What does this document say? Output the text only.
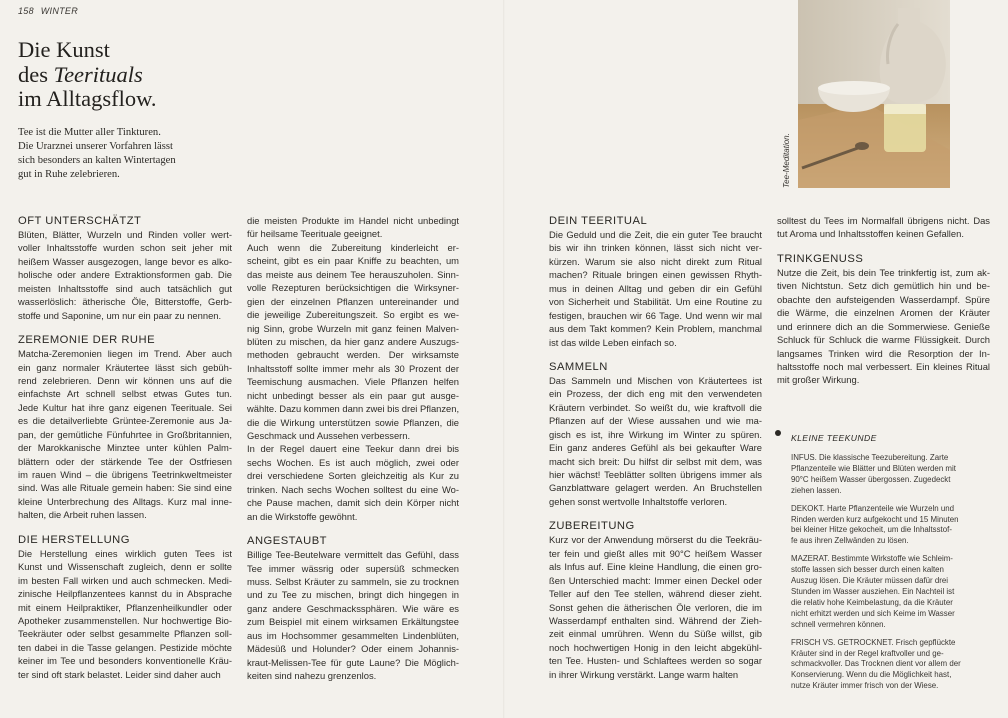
158 WINTER
Die Kunst
des Teerituals
im Alltagsflow.
Tee ist die Mutter aller Tinkturen.
Die Urarznei unserer Vorfahren lässt
sich besonders an kalten Wintertagen
gut in Ruhe zelebrieren.
OFT UNTERSCHÄTZT
Blüten, Blätter, Wurzeln und Rinden voller wert-
voller Inhaltsstoffe wurden schon seit jeher mit
heißem Wasser ausgezogen, lange bevor es alko-
holische oder andere Extraktionsformen gab. Die
meisten Inhaltsstoffe sind auch tatsächlich gut
wasserlöslich: ätherische Öle, Bitterstoffe, Gerb-
stoffe und Saponine, um nur ein paar zu nennen.
ZEREMONIE DER RUHE
Matcha-Zeremonien liegen im Trend. Aber auch
ein ganz normaler Kräutertee lässt sich gebüh-
rend zelebrieren. Denn wir können uns auf die
einfachste Art schnell selbst etwas Gutes tun.
Jede Kultur hat ihre ganz eigenen Teerituale. Sei
es die detailverliebte Grüntee-Zeremonie aus Ja-
pan, der gemütliche Fünfuhrtee in Großbritannien,
der Marokkanische Minztee unter kühlen Palm-
blättern oder der stärkende Tee der Ostfriesen
im rauen Wind – die übrigens Teetrinkweltmeister
sind. Was alle Rituale gemein haben: Sie sind eine
kleine Unterbrechung des Alltags. Kurz mal inne-
halten, die Arbeit ruhen lassen.
DIE HERSTELLUNG
Die Herstellung eines wirklich guten Tees ist
Kunst und Wissenschaft zugleich, denn er sollte
im besten Fall wirken und auch schmecken. Medi-
zinische Heilpflanzentees kannst du in Absprache
mit einem Heilpraktiker, Pflanzenheilkundler oder
Apotheker zusammenstellen. Nur hochwertige Bio-
Teekräuter oder selbst gesammelte Pflanzen soll-
ten dabei in die Tasse gelangen. Pestizide möchte
keiner im Tee und besonders konventionelle Kräu-
ter sind oft stark belastet. Leider sind daher auch
die meisten Produkte im Handel nicht unbedingt
für heilsame Teerituale geeignet.
Auch wenn die Zubereitung kinderleicht er-
scheint, gibt es ein paar Kniffe zu beachten, um
das meiste aus deinem Tee herauszuholen. Sinn-
volle Rezepturen berücksichtigen die Wirksyner-
gien der einzelnen Pflanzen untereinander und
die jeweilige Zubereitungszeit. So ergibt es we-
nig Sinn, grobe Wurzeln mit ganz feinen Malven-
blüten zu mischen, da hier ganz andere Auszugs-
methoden gebraucht werden. Der wirksamste
Inhaltsstoff sollte immer mehr als 30 Prozent der
Teemischung ausmachen. Viele Pflanzen helfen
nicht unbedingt besser als ein paar gut ausge-
wählte. Dazu kommen dann zwei bis drei Pflanzen,
die die Wirkung unterstützen sowie Pflanzen, die
Geschmack und Aussehen verbessern.
In der Regel dauert eine Teekur dann drei bis
sechs Wochen. Es ist auch möglich, zwei oder
drei verschiedene Sorten gleichzeitig als Kur zu
trinken. Nach sechs Wochen solltest du eine Wo-
che Pause machen, damit sich dein Körper nicht
an die Wirkstoffe gewöhnt.
ANGESTAUBT
Billige Tee-Beutelware vermittelt das Gefühl, dass
Tee immer wässrig oder supersüß schmecken
muss. Selbst Kräuter zu sammeln, sie zu trocknen
und zu Tee zu mischen, bringt dich hingegen in
ganz andere Geschmackssphären. Wie wäre es
zum Beispiel mit einem wirksamen Erkältungstee
aus im Hochsommer gesammelten Lindenblüten,
Mädesüß und Holunder? Oder einem Johannis-
kraut-Melissen-Tee für gute Laune? Die Möglich-
keiten sind nahezu grenzenlos.
DEIN TEERITUAL
Die Geduld und die Zeit, die ein guter Tee braucht
bis wir ihn trinken können, lässt sich nicht ver-
kürzen. Warum sie also nicht direkt zum Ritual
machen? Rituale bringen einen gewissen Rhyth-
mus in deinen Alltag und geben dir ein Gefühl
von Sicherheit und Stabilität. Um eine Routine zu
festigen, brauchen wir 66 Tage. Und wenn wir mal
aus dem Takt kommen? Kein Problem, manchmal
ist das wilde Leben einfach so.
SAMMELN
Das Sammeln und Mischen von Kräutertees ist
ein Prozess, der dich eng mit den verwendeten
Kräutern verbindet. So weißt du, wie kraftvoll die
Pflanzen auf der Wiese aussahen und wie ma-
gisch es ist, ihre Wirkung im Winter zu spüren.
Ein ganz anderes Gefühl als bei gekaufter Ware
macht sich breit: Du hilfst dir selbst mit dem, was
hier wächst! Teeblätter sollten übrigens immer als
Ganzblattware gelagert werden. An Bruchstellen
gehen sonst wertvolle Inhaltstoffe verloren.
ZUBEREITUNG
Kurz vor der Anwendung mörserst du die Teekräu-
ter fein und gießt alles mit 90°C heißem Wasser
als Infus auf. Eine kleine Handlung, die einen gro-
ßen Unterschied macht: Immer einen Deckel oder
Teller auf den Tee stellen, während dieser zieht.
Sonst gehen die ätherischen Öle verloren, die im
Wasserdampf enthalten sind. Während der Zieh-
zeit einmal umrühren. Wenn du Süße willst, gib
noch hochwertigen Honig in den leicht abgekühl-
ten Tee. Husten- und Schlaftees werden so sogar
in ihrer Wirkung verstärkt. Lange warm halten
solltest du Tees im Normalfall übrigens nicht. Das
tut Aroma und Inhaltsstoffen keinen Gefallen.
TRINKGENUSS
Nutze die Zeit, bis dein Tee trinkfertig ist, zum ak-
tiven Nichtstun. Setz dich gemütlich hin und be-
obachte den aufsteigenden Wasserdampf. Spüre
die Wärme, die einzelnen Aromen der Kräuter
und erinnere dich an die Sommerwiese. Genieße
Schluck für Schluck die warme Flüssigkeit. Durch
langsames Trinken wird die Resorption der In-
haltsstoffe noch mal verbessert. Ein kleines Ritual
mit großer Wirkung.
Tee-Meditation.
KLEINE TEEKUNDE
INFUS. Die klassische Teezubereitung. Zarte
Pflanzenteile wie Blätter und Blüten werden mit
90°C heißem Wasser übergossen. Zugedeckt
ziehen lassen.
DEKOKT. Harte Pflanzenteile wie Wurzeln und
Rinden werden kurz aufgekocht und 15 Minuten
bei kleiner Hitze gekocheit, um die Inhaltsstof-
fe aus ihren Zellwänden zu lösen.
MAZERAT. Bestimmte Wirkstoffe wie Schleim-
stoffe lassen sich besser durch einen kalten
Auszug lösen. Die Kräuter müssen dafür drei
Stunden im Wasser ausziehen. Ein Nachteil ist
die relativ hohe Keimbelastung, da die Kräuter
nicht erhitzt werden und sich Keime im Wasser
schnell vermehren können.
FRISCH VS. GETROCKNET. Frisch gepflückte
Kräuter sind in der Regel kraftvoller und ge-
schmackvoller. Das Trocknen dient vor allem der
Konservierung. Wenn du die Möglichkeit hast,
nutze Kräuter immer frisch von der Wiese.
